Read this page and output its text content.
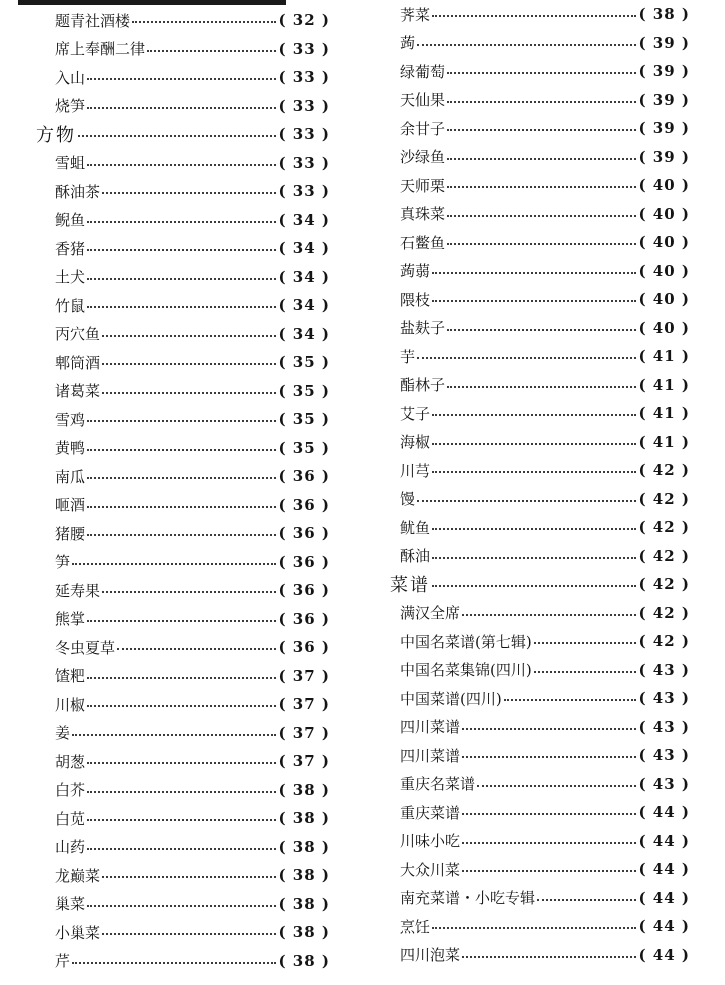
题青社酒楼	( 32 )
席上奉酬二律	( 33 )
入山	( 33 )
烧笋	( 33 )
方物	( 33 )
雪蛆	( 33 )
酥油茶	( 33 )
鲵鱼	( 34 )
香猪	( 34 )
土犬	( 34 )
竹鼠	( 34 )
丙穴鱼	( 34 )
郫筒酒	( 35 )
诸葛菜	( 35 )
雪鸡	( 35 )
黄鸭	( 35 )
南瓜	( 36 )
咂酒	( 36 )
猪腰	( 36 )
笋	( 36 )
延寿果	( 36 )
熊掌	( 36 )
冬虫夏草	( 36 )
馇粑	( 37 )
川椒	( 37 )
姜	( 37 )
胡葱	( 37 )
白芥	( 38 )
白苋	( 38 )
山药	( 38 )
龙巅菜	( 38 )
巢菜	( 38 )
小巢菜	( 38 )
芹	( 38 )
荠菜	( 38 )
蒟	( 39 )
绿葡萄	( 39 )
天仙果	( 39 )
余甘子	( 39 )
沙绿鱼	( 39 )
天师栗	( 40 )
真珠菜	( 40 )
石鳖鱼	( 40 )
蒟蒻	( 40 )
隈枝	( 40 )
盐麸子	( 40 )
芋	( 41 )
酯林子	( 41 )
艾子	( 41 )
海椒	( 41 )
川芎	( 42 )
馒	( 42 )
鱿鱼	( 42 )
酥油	( 42 )
菜谱	( 42 )
满汉全席	( 42 )
中国名菜谱(第七辑)	( 42 )
中国名菜集锦(四川)	( 43 )
中国菜谱(四川)	( 43 )
四川菜谱	( 43 )
四川菜谱	( 43 )
重庆名菜谱	( 43 )
重庆菜谱	( 44 )
川味小吃	( 44 )
大众川菜	( 44 )
南充菜谱・小吃专辑	( 44 )
烹饪	( 44 )
四川泡菜	( 44 )
